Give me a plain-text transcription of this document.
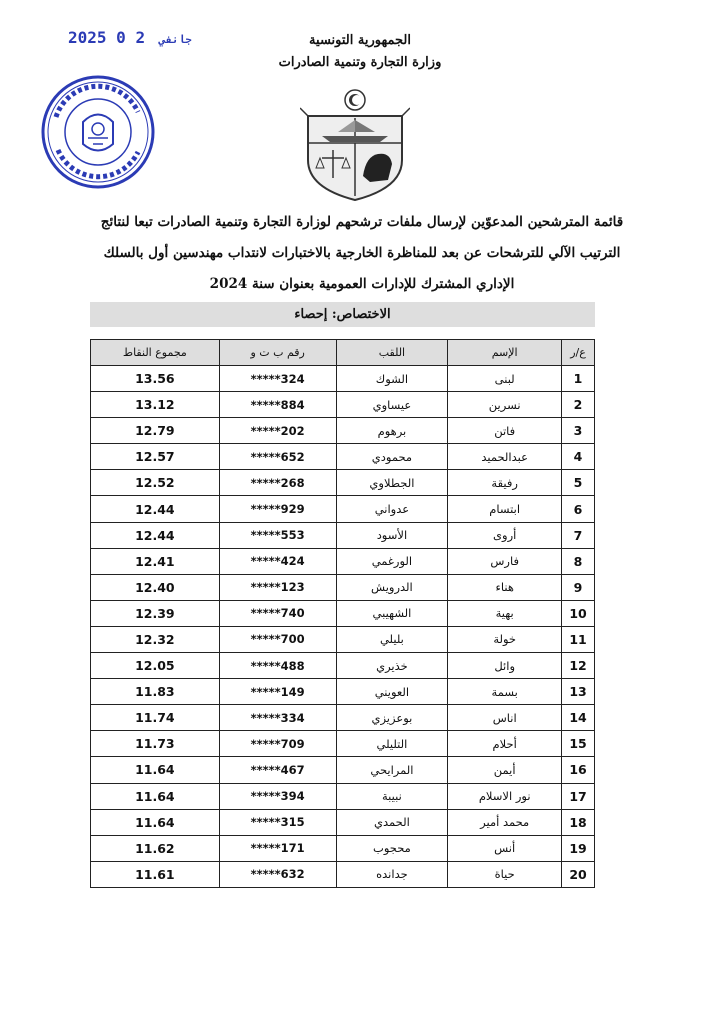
2025	جانفي 2 0	الجمهورية التونسية
وزارة التجارة وتنمية الصادرات
قائمة المترشحين المدعوّين لإرسال ملفات ترشحهم لوزارة التجارة وتنمية الصادرات تبعا لنتائج
الترتيب الآلي للترشحات عن بعد للمناظرة الخارجية بالاختبارات لانتداب مهندسين أول بالسلك
الإداري المشترك للإدارات العمومية بعنوان سنة 2024
الاختصاص: إحصاء
ع/ر	الإسم	اللقب	رقم ب ت و	مجموع النقاط
1	لبنى	الشوك	*****324	13.56
2	نسرين	عيساوي	*****884	13.12
3	فاتن	برهوم	*****202	12.79
4	عبدالحميد	محمودي	*****652	12.57
5	رفيقة	الجطلاوي	*****268	12.52
6	ابتسام	عدواني	*****929	12.44
7	أروى	الأسود	*****553	12.44
8	فارس	الورغمي	*****424	12.41
9	هناء	الدرويش	*****123	12.40
10	بهية	الشهيبي	*****740	12.39
11	خولة	بليلي	*****700	12.32
12	وائل	خذيري	*****488	12.05
13	بسمة	العويني	*****149	11.83
14	اناس	بوعزيزي	*****334	11.74
15	أحلام	التليلي	*****709	11.73
16	أيمن	المرايحي	*****467	11.64
17	نور الاسلام	نبيبة	*****394	11.64
18	محمد أمير	الحمدي	*****315	11.64
19	أنس	محجوب	*****171	11.62
20	حياة	جدانده	*****632	11.61
